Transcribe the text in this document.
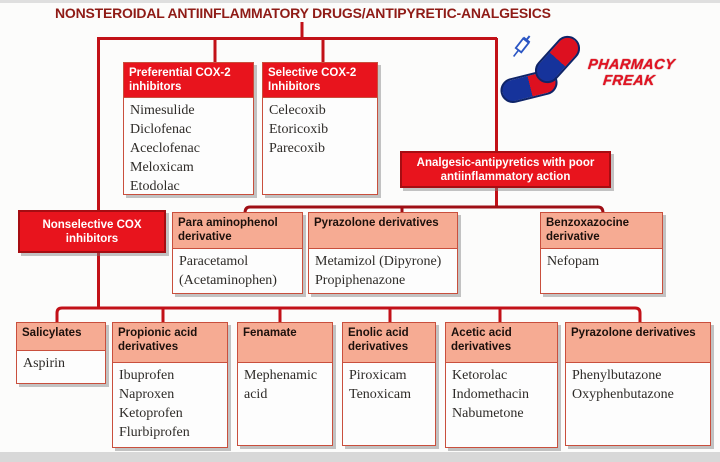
NONSTEROIDAL ANTIINFLAMMATORY DRUGS/ANTIPYRETIC-ANALGESICS
PHARMACY
FREAK
Preferential COX-2 inhibitors
Nimesulide
Diclofenac
Aceclofenac
Meloxicam
Etodolac
Selective COX-2 Inhibitors
Celecoxib
Etoricoxib
Parecoxib
Analgesic-antipyretics with poor antiinflammatory action
Nonselective COX inhibitors
Para aminophenol derivative
Paracetamol (Acetaminophen)
Pyrazolone derivatives
Metamizol (Dipyrone)
Propiphenazone
Benzoxazocine derivative
Nefopam
Salicylates
Aspirin
Propionic acid derivatives
Ibuprofen
Naproxen
Ketoprofen
Flurbiprofen
Fenamate
Mephenamic acid
Enolic acid derivatives
Piroxicam
Tenoxicam
Acetic acid derivatives
Ketorolac
Indomethacin
Nabumetone
Pyrazolone derivatives
Phenylbutazone
Oxyphenbutazone
